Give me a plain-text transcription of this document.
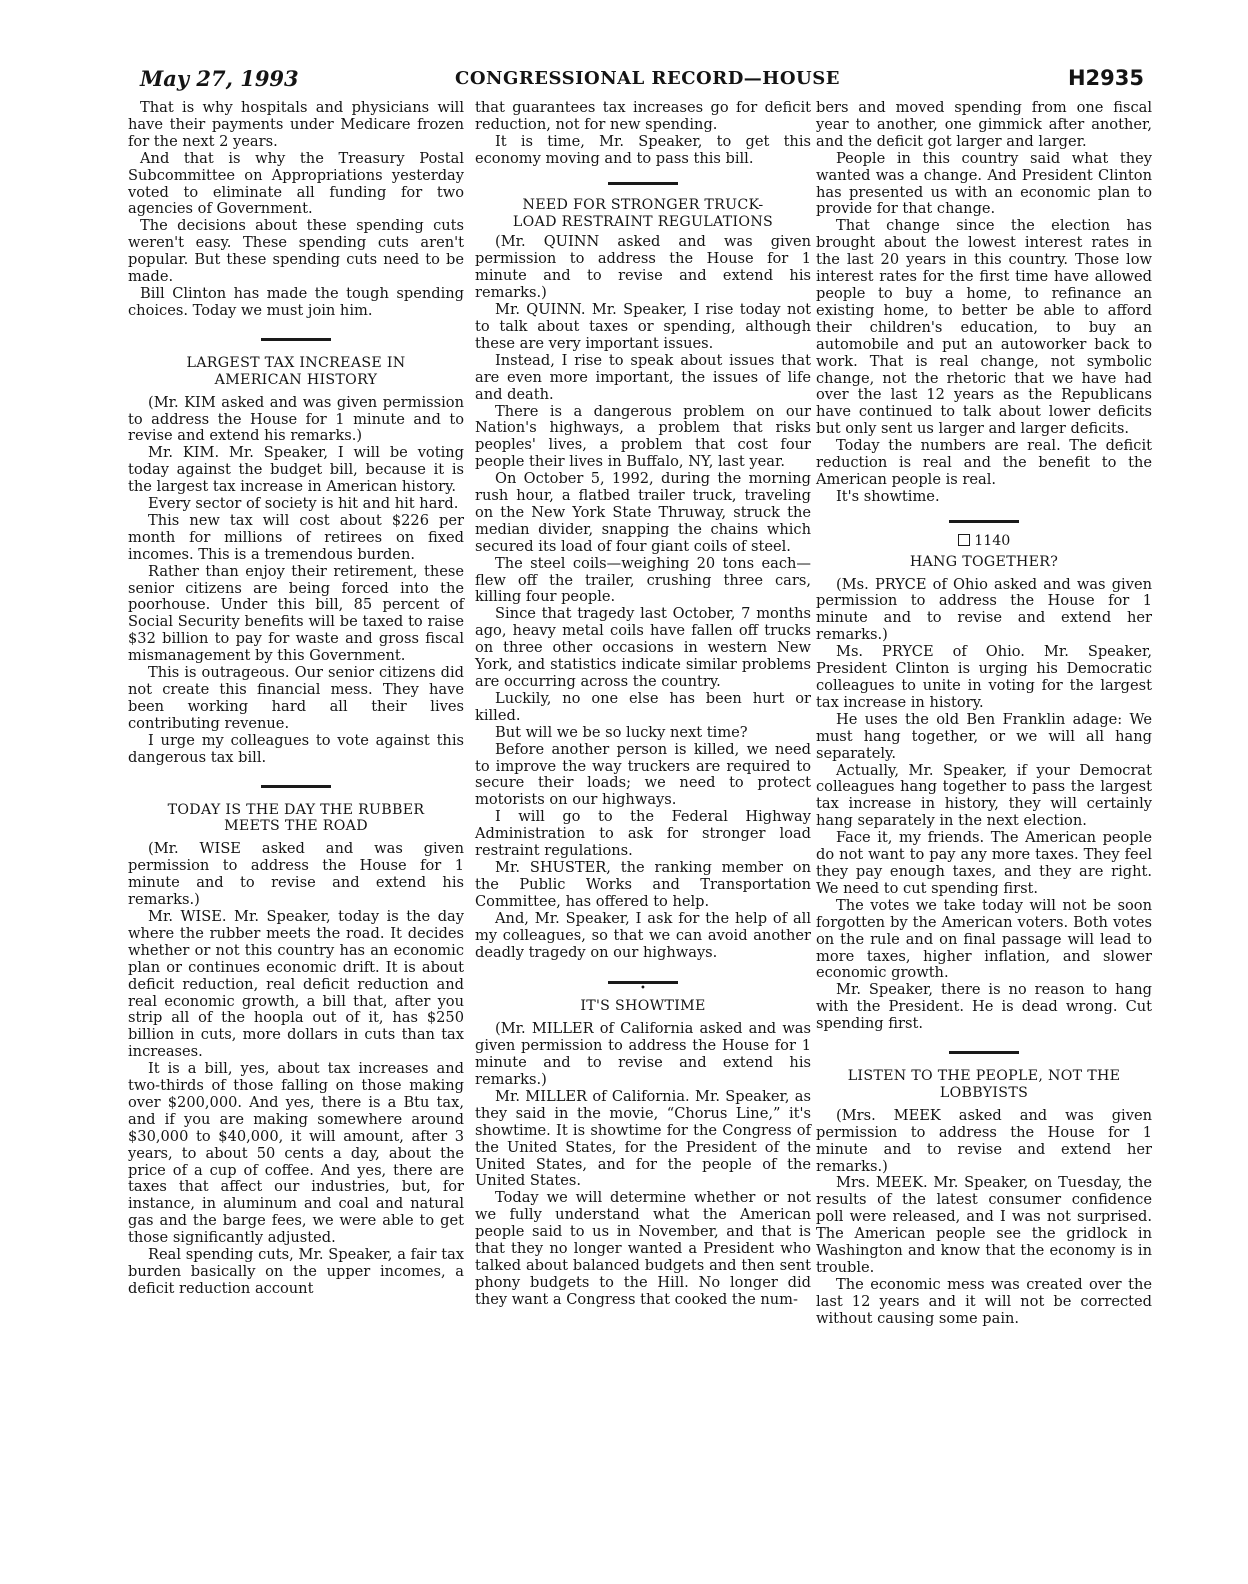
May 27, 1993	CONGRESSIONAL RECORD—HOUSE	H2935

That is why hospitals and physicians will have their payments under Medicare frozen for the next 2 years.

And that is why the Treasury Postal Subcommittee on Appropriations yesterday voted to eliminate all funding for two agencies of Government.

The decisions about these spending cuts weren't easy. These spending cuts aren't popular. But these spending cuts need to be made.

Bill Clinton has made the tough spending choices. Today we must join him.

LARGEST TAX INCREASE IN
AMERICAN HISTORY

(Mr. KIM asked and was given permission to address the House for 1 minute and to revise and extend his remarks.)

Mr. KIM. Mr. Speaker, I will be voting today against the budget bill, because it is the largest tax increase in American history.

Every sector of society is hit and hit hard.

This new tax will cost about $226 per month for millions of retirees on fixed incomes. This is a tremendous burden.

Rather than enjoy their retirement, these senior citizens are being forced into the poorhouse. Under this bill, 85 percent of Social Security benefits will be taxed to raise $32 billion to pay for waste and gross fiscal mismanagement by this Government.

This is outrageous. Our senior citizens did not create this financial mess. They have been working hard all their lives contributing revenue.

I urge my colleagues to vote against this dangerous tax bill.

TODAY IS THE DAY THE RUBBER
MEETS THE ROAD

(Mr. WISE asked and was given permission to address the House for 1 minute and to revise and extend his remarks.)

Mr. WISE. Mr. Speaker, today is the day where the rubber meets the road. It decides whether or not this country has an economic plan or continues economic drift. It is about deficit reduction, real deficit reduction and real economic growth, a bill that, after you strip all of the hoopla out of it, has $250 billion in cuts, more dollars in cuts than tax increases.

It is a bill, yes, about tax increases and two-thirds of those falling on those making over $200,000. And yes, there is a Btu tax, and if you are making somewhere around $30,000 to $40,000, it will amount, after 3 years, to about 50 cents a day, about the price of a cup of coffee. And yes, there are taxes that affect our industries, but, for instance, in aluminum and coal and natural gas and the barge fees, we were able to get those significantly adjusted.

Real spending cuts, Mr. Speaker, a fair tax burden basically on the upper incomes, a deficit reduction account

that guarantees tax increases go for deficit reduction, not for new spending.

It is time, Mr. Speaker, to get this economy moving and to pass this bill.

NEED FOR STRONGER TRUCK-
LOAD RESTRAINT REGULATIONS

(Mr. QUINN asked and was given permission to address the House for 1 minute and to revise and extend his remarks.)

Mr. QUINN. Mr. Speaker, I rise today not to talk about taxes or spending, although these are very important issues.

Instead, I rise to speak about issues that are even more important, the issues of life and death.

There is a dangerous problem on our Nation's highways, a problem that risks peoples' lives, a problem that cost four people their lives in Buffalo, NY, last year.

On October 5, 1992, during the morning rush hour, a flatbed trailer truck, traveling on the New York State Thruway, struck the median divider, snapping the chains which secured its load of four giant coils of steel.

The steel coils—weighing 20 tons each—flew off the trailer, crushing three cars, killing four people.

Since that tragedy last October, 7 months ago, heavy metal coils have fallen off trucks on three other occasions in western New York, and statistics indicate similar problems are occurring across the country.

Luckily, no one else has been hurt or killed.

But will we be so lucky next time?

Before another person is killed, we need to improve the way truckers are required to secure their loads; we need to protect motorists on our highways.

I will go to the Federal Highway Administration to ask for stronger load restraint regulations.

Mr. SHUSTER, the ranking member on the Public Works and Transportation Committee, has offered to help.

And, Mr. Speaker, I ask for the help of all my colleagues, so that we can avoid another deadly tragedy on our highways.

•
IT'S SHOWTIME

(Mr. MILLER of California asked and was given permission to address the House for 1 minute and to revise and extend his remarks.)

Mr. MILLER of California. Mr. Speaker, as they said in the movie, “Chorus Line,” it's showtime. It is showtime for the Congress of the United States, for the President of the United States, and for the people of the United States.

Today we will determine whether or not we fully understand what the American people said to us in November, and that is that they no longer wanted a President who talked about balanced budgets and then sent phony budgets to the Hill. No longer did they want a Congress that cooked the num-

bers and moved spending from one fiscal year to another, one gimmick after another, and the deficit got larger and larger.

People in this country said what they wanted was a change. And President Clinton has presented us with an economic plan to provide for that change.

That change since the election has brought about the lowest interest rates in the last 20 years in this country. Those low interest rates for the first time have allowed people to buy a home, to refinance an existing home, to better be able to afford their children's education, to buy an automobile and put an autoworker back to work. That is real change, not symbolic change, not the rhetoric that we have had over the last 12 years as the Republicans have continued to talk about lower deficits but only sent us larger and larger deficits.

Today the numbers are real. The deficit reduction is real and the benefit to the American people is real.

It's showtime.

1140
HANG TOGETHER?

(Ms. PRYCE of Ohio asked and was given permission to address the House for 1 minute and to revise and extend her remarks.)

Ms. PRYCE of Ohio. Mr. Speaker, President Clinton is urging his Democratic colleagues to unite in voting for the largest tax increase in history.

He uses the old Ben Franklin adage: We must hang together, or we will all hang separately.

Actually, Mr. Speaker, if your Democrat colleagues hang together to pass the largest tax increase in history, they will certainly hang separately in the next election.

Face it, my friends. The American people do not want to pay any more taxes. They feel they pay enough taxes, and they are right. We need to cut spending first.

The votes we take today will not be soon forgotten by the American voters. Both votes on the rule and on final passage will lead to more taxes, higher inflation, and slower economic growth.

Mr. Speaker, there is no reason to hang with the President. He is dead wrong. Cut spending first.

LISTEN TO THE PEOPLE, NOT THE
LOBBYISTS

(Mrs. MEEK asked and was given permission to address the House for 1 minute and to revise and extend her remarks.)

Mrs. MEEK. Mr. Speaker, on Tuesday, the results of the latest consumer confidence poll were released, and I was not surprised. The American people see the gridlock in Washington and know that the economy is in trouble.

The economic mess was created over the last 12 years and it will not be corrected without causing some pain.
